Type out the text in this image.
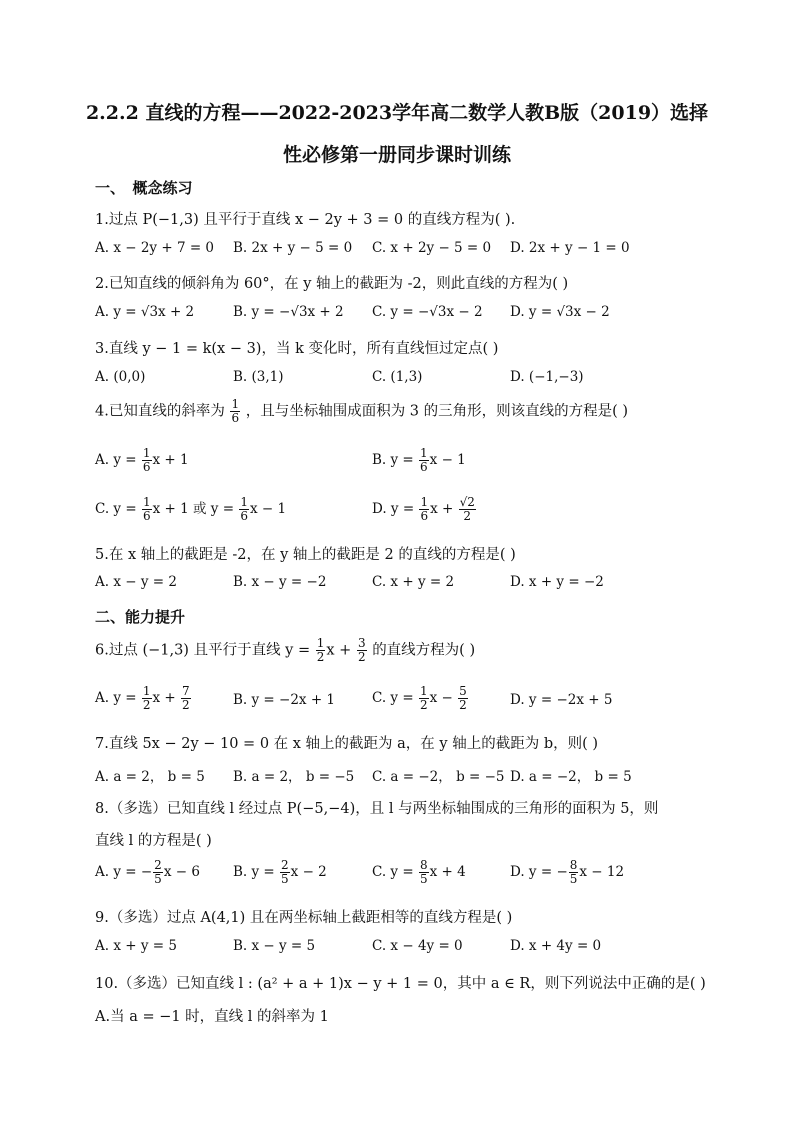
2.2.2 直线的方程——2022-2023学年高二数学人教B版（2019）选择
性必修第一册同步课时训练
一、　概念练习
1.过点 P(−1,3) 且平行于直线 x − 2y + 3 = 0 的直线方程为( ).
A. x − 2y + 7 = 0 B. 2x + y − 5 = 0 C. x + 2y − 5 = 0 D. 2x + y − 1 = 0
2.已知直线的倾斜角为 60°，在 y 轴上的截距为 -2，则此直线的方程为( )
A. y = √3x + 2	B. y = −√3x + 2 C. y = −√3x − 2 D. y = √3x − 2
3.直线 y − 1 = k(x − 3)，当 k 变化时，所有直线恒过定点( )
A. (0,0)	B. (3,1)	C. (1,3)	D. (−1,−3)
4.已知直线的斜率为 $\frac{1}{6}$ ，且与坐标轴围成面积为 3 的三角形，则该直线的方程是( )
A. $y = \frac{1}{6}$ x + 1	B. $y = \frac{1}{6}$ x − 1
C. $y = \frac{1}{6}$ x + 1 或 $y = \frac{1}{6}$ x − 1	D. $y = \frac{1}{6}$ $x + \frac{√2}{2}$
5.在 x 轴上的截距是 -2，在 y 轴上的截距是 2 的直线的方程是( )
A. x − y = 2	B. x − y = −2	C. x + y = 2	D. x + y = −2
二、能力提升
6.过点 (−1,3) 且平行于直线 $y = \frac{1}{2}$ $x + \frac{3}{2}$ 的直线方程为( )
A. $y = \frac{1}{2}$ $x + \frac{7}{2}$	B. y = −2x + 1	C. $y = \frac{1}{2}$ $x - \frac{5}{2}$	D. y = −2x + 5
7.直线 5x − 2y − 10 = 0 在 x 轴上的截距为 a，在 y 轴上的截距为 b，则( )
A. a = 2， b = 5 B. a = 2， b = −5 C. a = −2， b = −5 D. a = −2， b = 5
8.（多选）已知直线 l 经过点 P(−5,−4)，且 l 与两坐标轴围成的三角形的面积为 5，则
直线 l 的方程是( )
A. y = − $\frac{2}{5}$ x − 6 B. $y = \frac{2}{5}$ x − 2	C. $y = \frac{8}{5}$ x + 4	D. y = − $\frac{8}{5}$ x − 12
9.（多选）过点 A(4,1) 且在两坐标轴上截距相等的直线方程是( )
A. x + y = 5	B. x − y = 5	C. x − 4y = 0	D. x + 4y = 0
10.（多选）已知直线 l : (a² + a + 1)x − y + 1 = 0，其中 a ∈ R，则下列说法中正确的是( )
A.当 a = −1 时，直线 l 的斜率为 1
